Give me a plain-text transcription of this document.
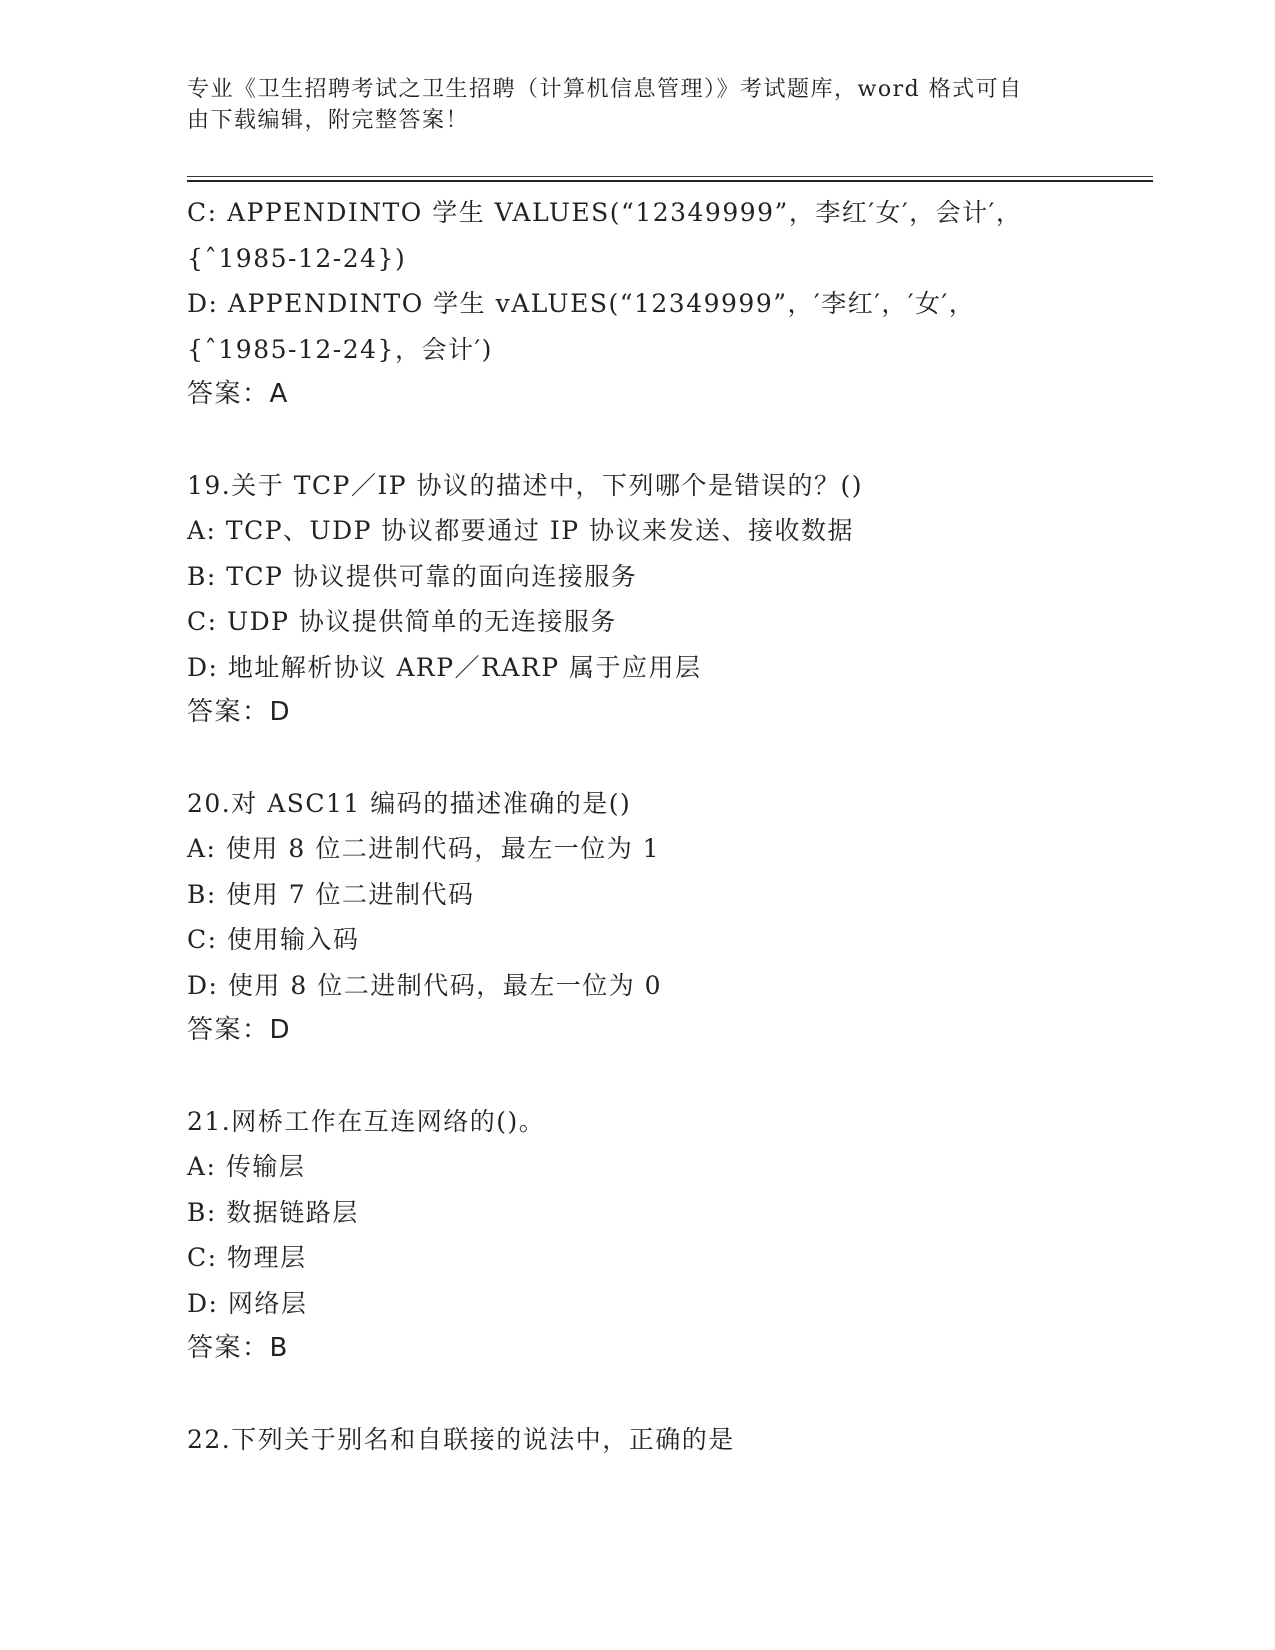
专业《卫生招聘考试之卫生招聘（计算机信息管理）》考试题库，word 格式可自
由下载编辑，附完整答案！
C: APPENDINTO 学生 VALUES(“12349999”，李红′女′，会计′，
{ˆ1985-12-24})
D: APPENDINTO 学生 vALUES(“12349999”，′李红′，′女′，
{ˆ1985-12-24}，会计′)
答案：A
19.关于 TCP／IP 协议的描述中，下列哪个是错误的？()
A: TCP、UDP 协议都要通过 IP 协议来发送、接收数据
B: TCP 协议提供可靠的面向连接服务
C: UDP 协议提供简单的无连接服务
D: 地址解析协议 ARP／RARP 属于应用层
答案：D
20.对 ASC11 编码的描述准确的是()
A: 使用 8 位二进制代码，最左一位为 1
B: 使用 7 位二进制代码
C: 使用输入码
D: 使用 8 位二进制代码，最左一位为 0
答案：D
21.网桥工作在互连网络的()。
A: 传输层
B: 数据链路层
C: 物理层
D: 网络层
答案：B
22.下列关于别名和自联接的说法中，正确的是
